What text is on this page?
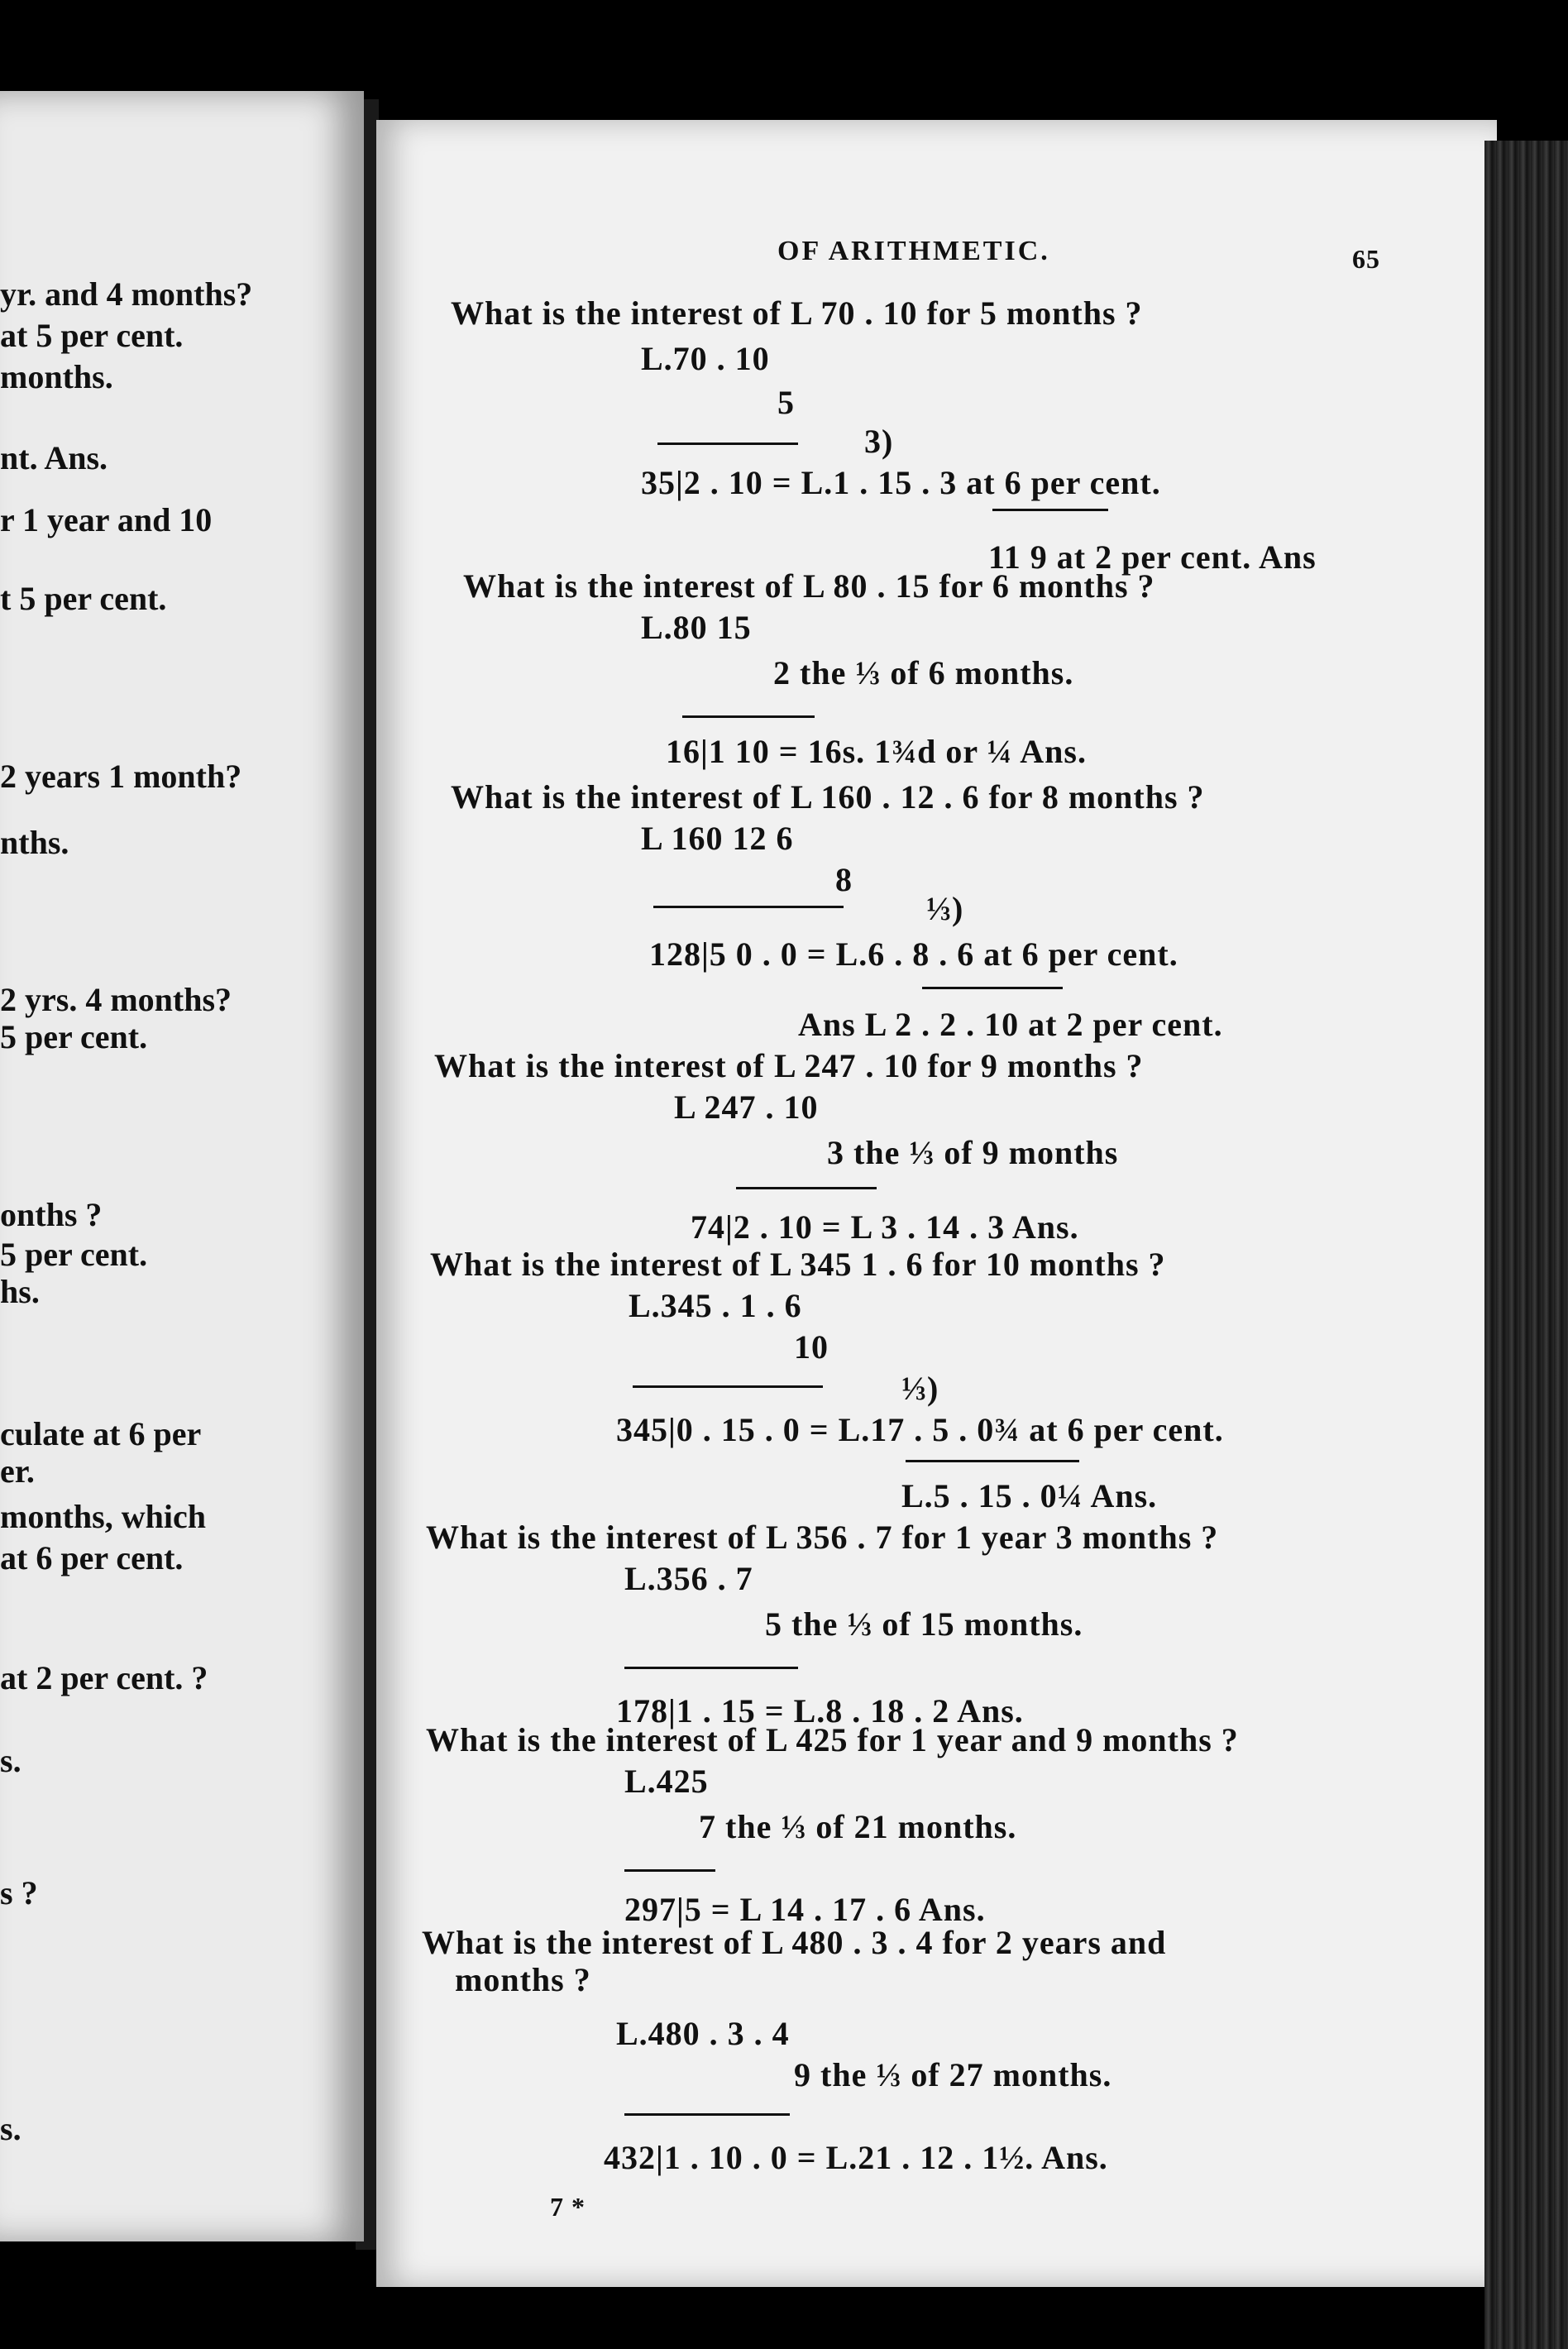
yr. and 4 months?
at 5 per cent.
months.
nt. Ans.
r 1 year and 10
t 5 per cent.
2 years 1 month?
nths.
2 yrs. 4 months?
5 per cent.
onths ?
5 per cent.
hs.
culate at 6 per
er.
months, which
at 6 per cent.
at 2 per cent. ?
s.
s ?
s.
OF ARITHMETIC.	65
What is the interest of L 70 . 10 for 5 months ?
L.70 . 10
5
3)
35|2 . 10 = L.1 . 15 . 3 at 6 per cent.
11 9 at 2 per cent. Ans
What is the interest of L 80 . 15 for 6 months ?
L.80 15
2 the ⅓ of 6 months.
16|1 10 = 16s. 1¾d or ¼ Ans.
What is the interest of L 160 . 12 . 6 for 8 months ?
L 160 12 6
8
⅓)
128|5 0 . 0 = L.6 . 8 . 6 at 6 per cent.
Ans L 2 . 2 . 10 at 2 per cent.
What is the interest of L 247 . 10 for 9 months ?
L 247 . 10
3 the ⅓ of 9 months
74|2 . 10 = L 3 . 14 . 3 Ans.
What is the interest of L 345 1 . 6 for 10 months ?
L.345 . 1 . 6
10
⅓)
345|0 . 15 . 0 = L.17 . 5 . 0¾ at 6 per cent.
L.5 . 15 . 0¼ Ans.
What is the interest of L 356 . 7 for 1 year 3 months ?
L.356 . 7
5 the ⅓ of 15 months.
178|1 . 15 = L.8 . 18 . 2 Ans.
What is the interest of L 425 for 1 year and 9 months ?
L.425
7 the ⅓ of 21 months.
297|5 = L 14 . 17 . 6 Ans.
What is the interest of L 480 . 3 . 4 for 2 years and
months ?
L.480 . 3 . 4
9 the ⅓ of 27 months.
432|1 . 10 . 0 = L.21 . 12 . 1½. Ans.
7 *
